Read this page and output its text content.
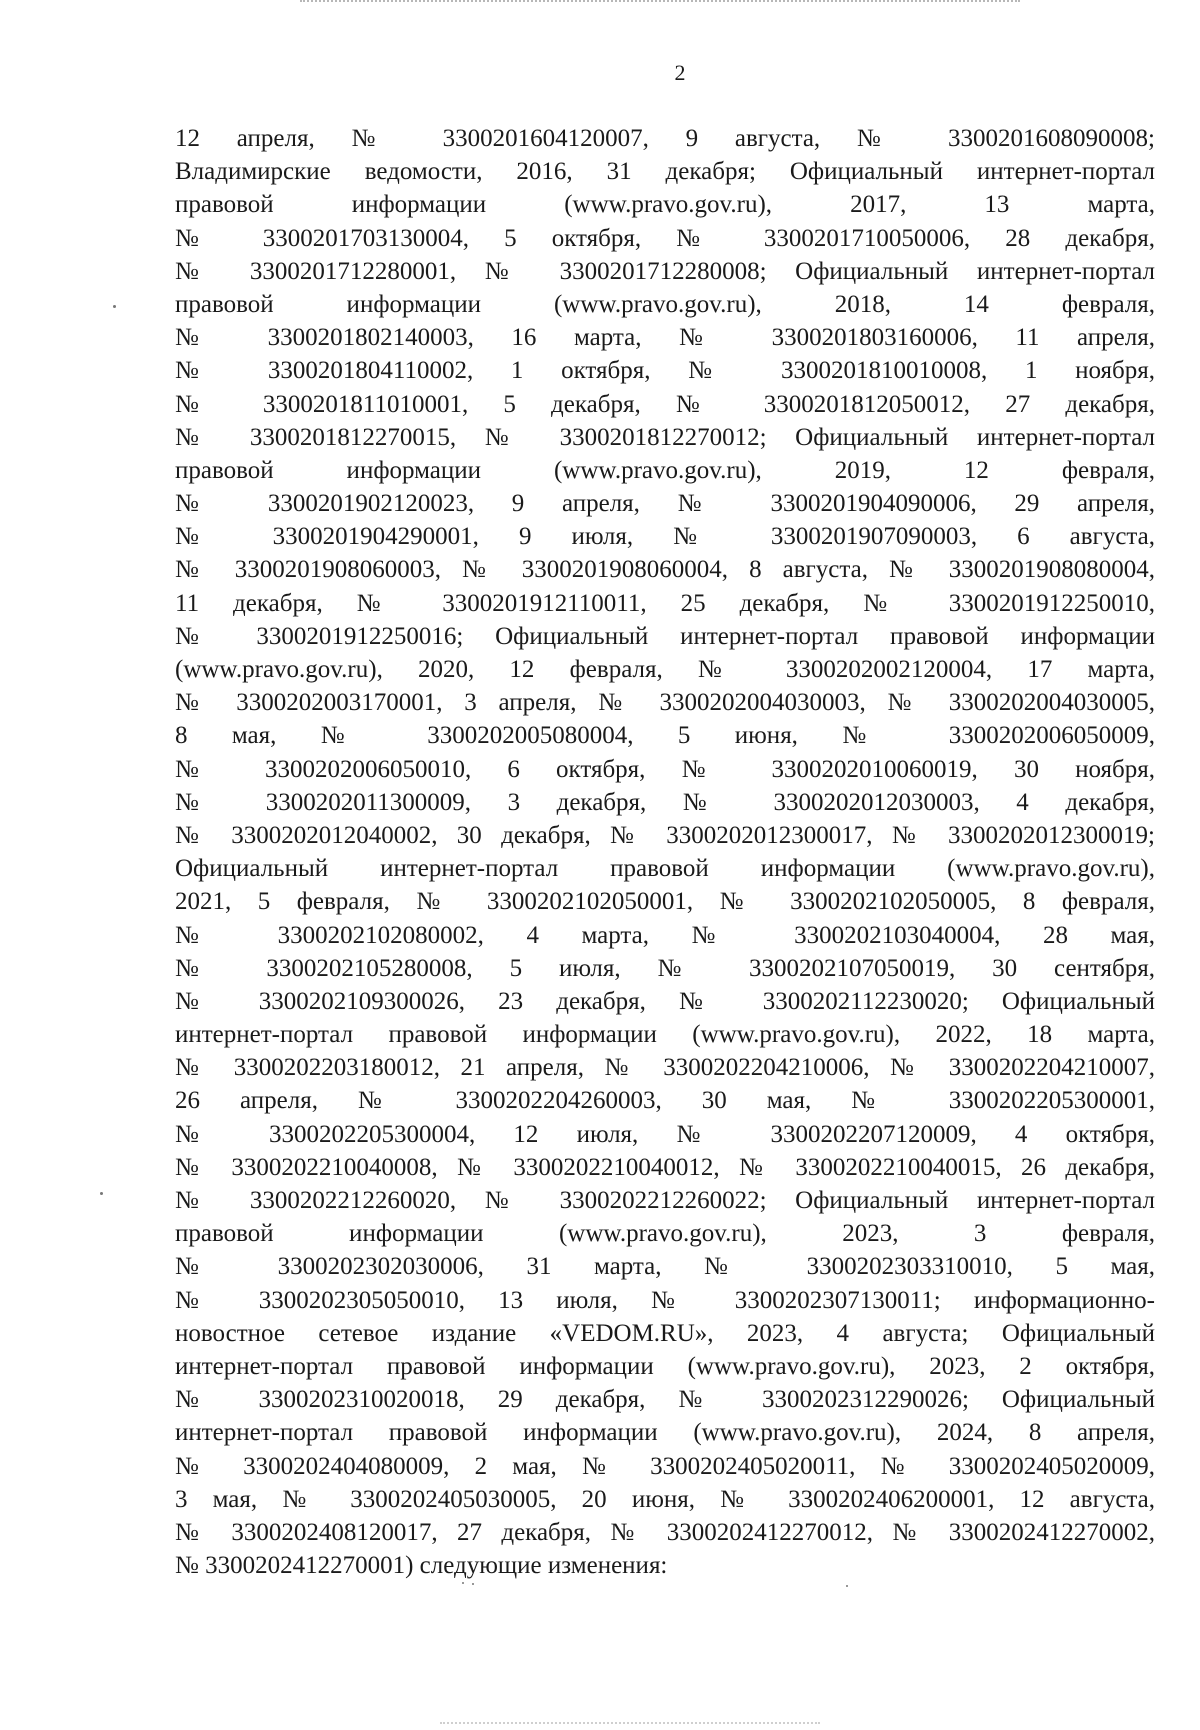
2
12 апреля, № 3300201604120007, 9 августа, № 3300201608090008;
Владимирские ведомости, 2016, 31 декабря; Официальный интернет-портал
правовой информации (www.pravo.gov.ru), 2017, 13 марта,
№ 3300201703130004, 5 октября, № 3300201710050006, 28 декабря,
№ 3300201712280001, № 3300201712280008; Официальный интернет-портал
правовой информации (www.pravo.gov.ru), 2018, 14 февраля,
№ 3300201802140003, 16 марта, № 3300201803160006, 11 апреля,
№ 3300201804110002, 1 октября, № 3300201810010008, 1 ноября,
№ 3300201811010001, 5 декабря, № 3300201812050012, 27 декабря,
№ 3300201812270015, № 3300201812270012; Официальный интернет-портал
правовой информации (www.pravo.gov.ru), 2019, 12 февраля,
№ 3300201902120023, 9 апреля, № 3300201904090006, 29 апреля,
№ 3300201904290001, 9 июля, № 3300201907090003, 6 августа,
№ 3300201908060003, № 3300201908060004, 8 августа, № 3300201908080004,
11 декабря, № 3300201912110011, 25 декабря, № 3300201912250010,
№ 3300201912250016; Официальный интернет-портал правовой информации
(www.pravo.gov.ru), 2020, 12 февраля, № 3300202002120004, 17 марта,
№ 3300202003170001, 3 апреля, № 3300202004030003, № 3300202004030005,
8 мая, № 3300202005080004, 5 июня, № 3300202006050009,
№ 3300202006050010, 6 октября, № 3300202010060019, 30 ноября,
№ 3300202011300009, 3 декабря, № 3300202012030003, 4 декабря,
№ 3300202012040002, 30 декабря, № 3300202012300017, № 3300202012300019;
Официальный интернет-портал правовой информации (www.pravo.gov.ru),
2021, 5 февраля, № 3300202102050001, № 3300202102050005, 8 февраля,
№ 3300202102080002, 4 марта, № 3300202103040004, 28 мая,
№ 3300202105280008, 5 июля, № 3300202107050019, 30 сентября,
№ 3300202109300026, 23 декабря, № 3300202112230020; Официальный
интернет-портал правовой информации (www.pravo.gov.ru), 2022, 18 марта,
№ 3300202203180012, 21 апреля, № 3300202204210006, № 3300202204210007,
26 апреля, № 3300202204260003, 30 мая, № 3300202205300001,
№ 3300202205300004, 12 июля, № 3300202207120009, 4 октября,
№ 3300202210040008, № 3300202210040012, № 3300202210040015, 26 декабря,
№ 3300202212260020, № 3300202212260022; Официальный интернет-портал
правовой информации (www.pravo.gov.ru), 2023, 3 февраля,
№ 3300202302030006, 31 марта, № 3300202303310010, 5 мая,
№ 3300202305050010, 13 июля, № 3300202307130011; информационно-
новостное сетевое издание «VEDOM.RU», 2023, 4 августа; Официальный
интернет-портал правовой информации (www.pravo.gov.ru), 2023, 2 октября,
№ 3300202310020018, 29 декабря, № 3300202312290026; Официальный
интернет-портал правовой информации (www.pravo.gov.ru), 2024, 8 апреля,
№ 3300202404080009, 2 мая, № 3300202405020011, № 3300202405020009,
3 мая, № 3300202405030005, 20 июня, № 3300202406200001, 12 августа,
№ 3300202408120017, 27 декабря, № 3300202412270012, № 3300202412270002,
№ 3300202412270001) следующие изменения:
